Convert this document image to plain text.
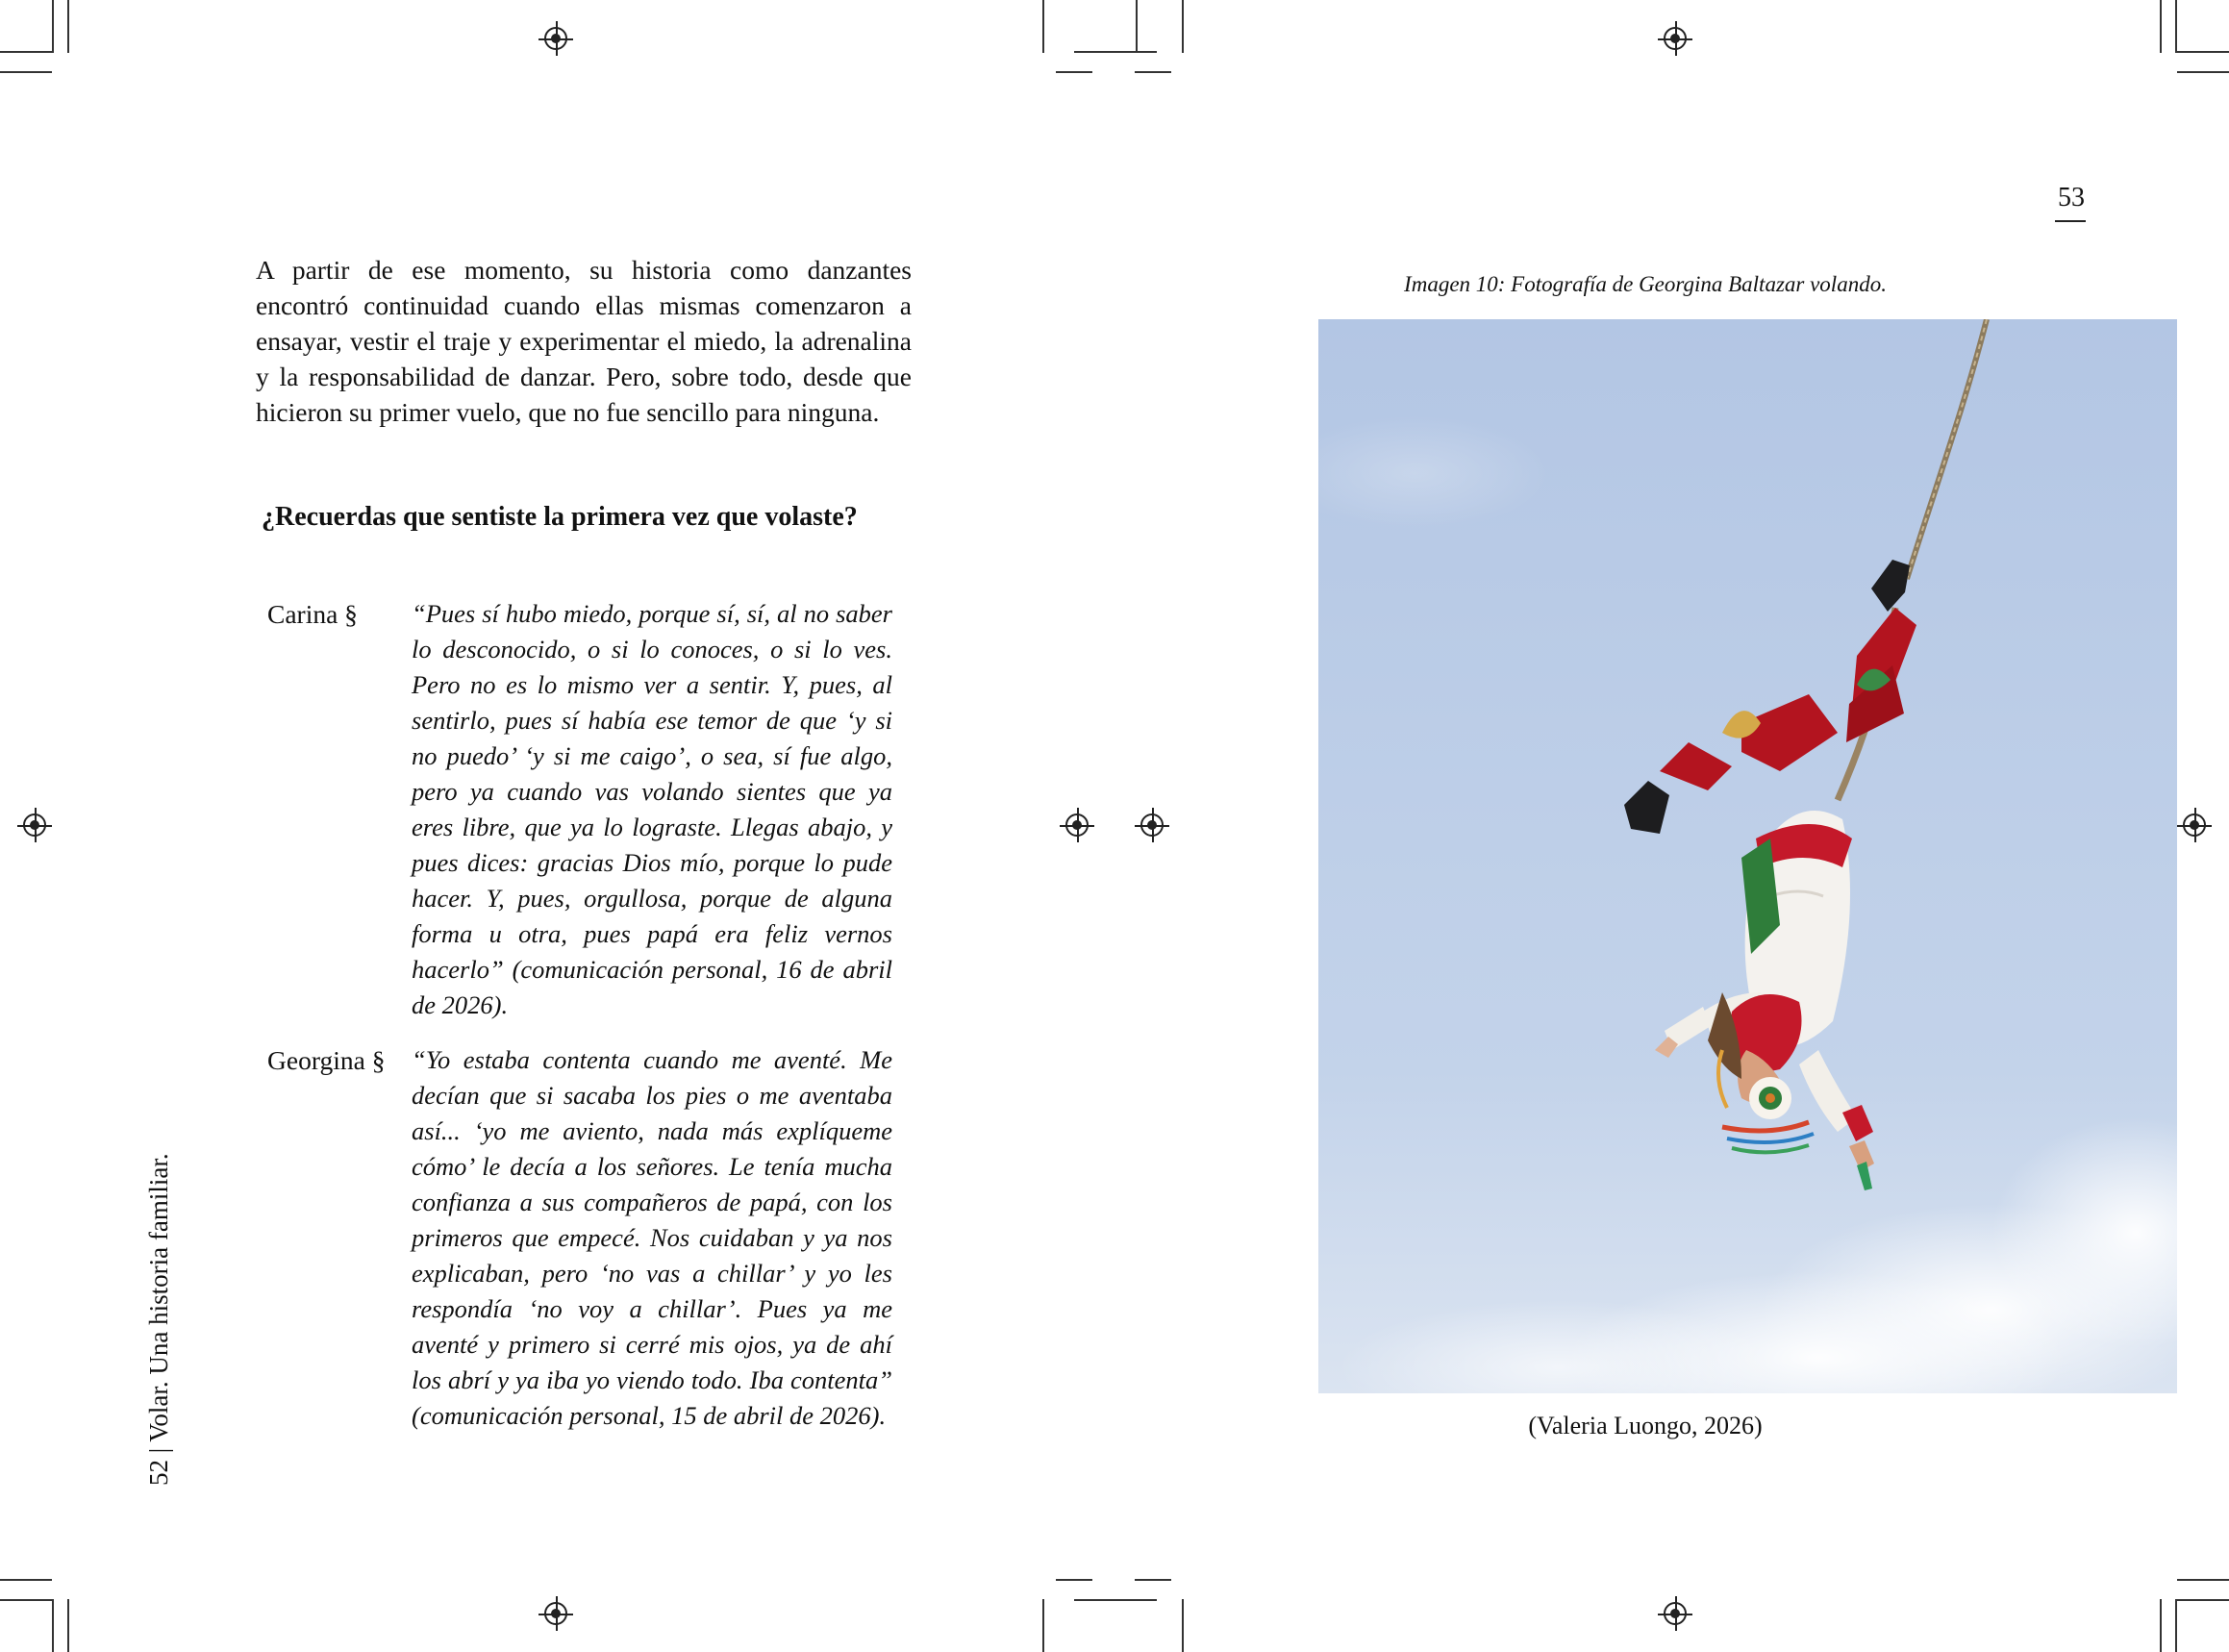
A partir de ese momento, su historia como danzantes encontró continuidad cuando ellas mismas comenzaron a ensayar, vestir el traje y experimentar el miedo, la adrenalina y la responsabilidad de danzar. Pero, sobre todo, desde que hicieron su primer vuelo, que no fue sencillo para ninguna.

¿Recuerdas que sentiste la primera vez que volaste?
Carina § “Pues sí hubo miedo, porque sí, sí, al no saber lo desconocido, o si lo conoces, o si lo ves. Pero no es lo mismo ver a sentir. Y, pues, al sentirlo, pues sí había ese temor de que ‘y si no puedo’ ‘y si me caigo’, o sea, sí fue algo, pero ya cuando vas volando sientes que ya eres libre, que ya lo lograste. Llegas abajo, y pues dices: gracias Dios mío, porque lo pude hacer. Y, pues, orgullosa, porque de alguna forma u otra, pues papá era feliz vernos hacerlo” (comunicación personal, 16 de abril de 2026).

Georgina § “Yo estaba contenta cuando me aventé. Me decían que si sacaba los pies o me aventaba así... ‘yo me aviento, nada más explíqueme cómo’ le decía a los señores. Le tenía mucha confianza a sus compañeros de papá, con los primeros que empecé. Nos cuidaban y ya nos explicaban, pero ‘no vas a chillar’ y yo les respondía ‘no voy a chillar’. Pues ya me aventé y primero si cerré mis ojos, ya de ahí los abrí y ya iba yo viendo todo. Iba contenta” (comunicación personal, 15 de abril de 2026).

52 | Volar. Una historia familiar.
53
Imagen 10: Fotografía de Georgina Baltazar volando.
(Valeria Luongo, 2026)
